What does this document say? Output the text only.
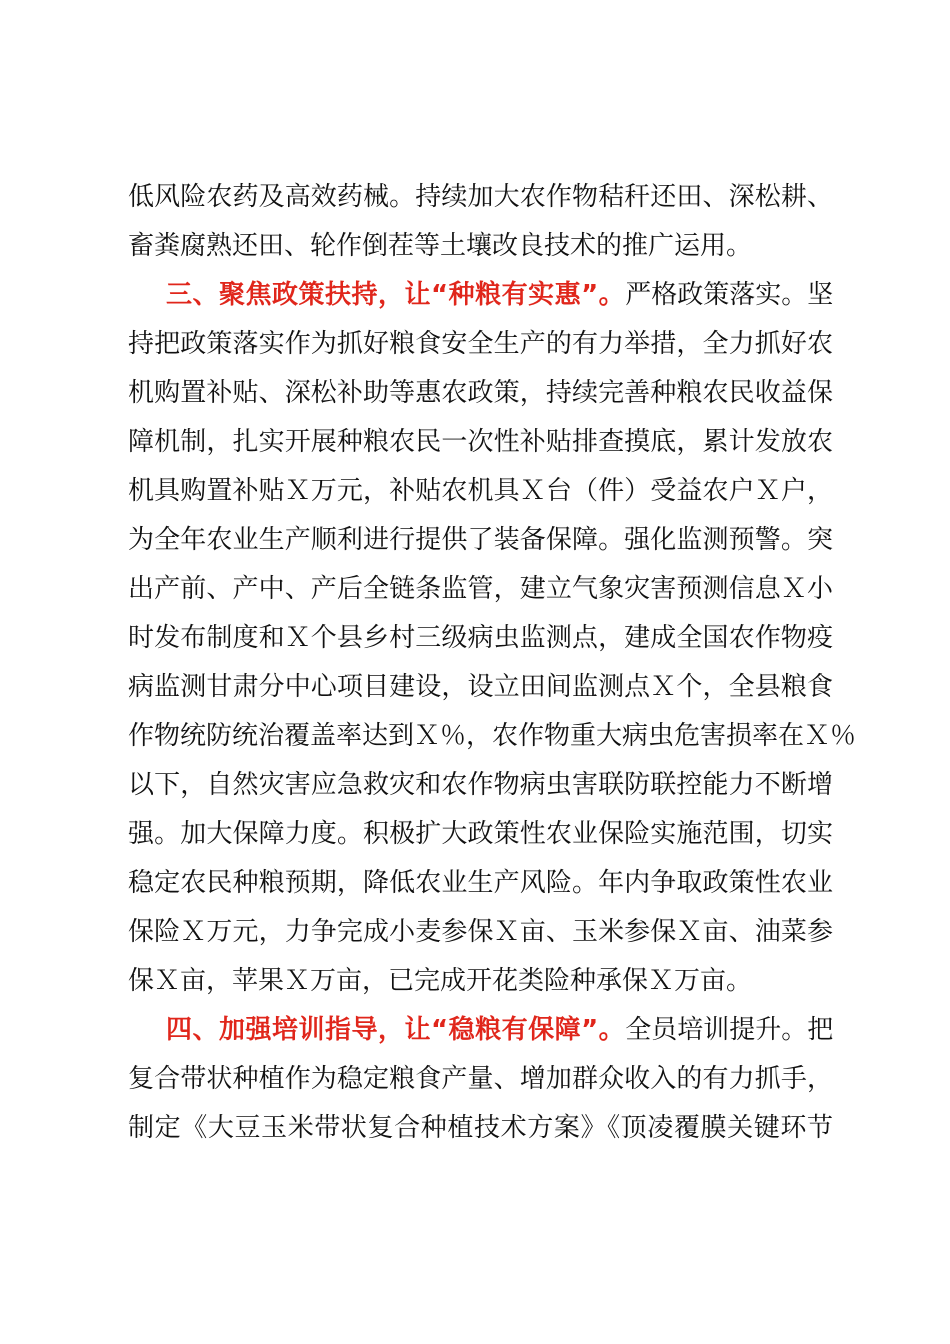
低风险农药及高效药械。持续加大农作物秸秆还田、深松耕、
畜粪腐熟还田、轮作倒茬等土壤改良技术的推广运用。
三、聚焦政策扶持，让“种粮有实惠”。严格政策落实。坚
持把政策落实作为抓好粮食安全生产的有力举措，全力抓好农
机购置补贴、深松补助等惠农政策，持续完善种粮农民收益保
障机制，扎实开展种粮农民一次性补贴排查摸底，累计发放农
机具购置补贴Ｘ万元，补贴农机具Ｘ台（件）受益农户Ｘ户，
为全年农业生产顺利进行提供了装备保障。强化监测预警。突
出产前、产中、产后全链条监管，建立气象灾害预测信息Ｘ小
时发布制度和Ｘ个县乡村三级病虫监测点，建成全国农作物疫
病监测甘肃分中心项目建设，设立田间监测点Ｘ个，全县粮食
作物统防统治覆盖率达到Ｘ％，农作物重大病虫危害损率在Ｘ％
以下，自然灾害应急救灾和农作物病虫害联防联控能力不断增
强。加大保障力度。积极扩大政策性农业保险实施范围，切实
稳定农民种粮预期，降低农业生产风险。年内争取政策性农业
保险Ｘ万元，力争完成小麦参保Ｘ亩、玉米参保Ｘ亩、油菜参
保Ｘ亩，苹果Ｘ万亩，已完成开花类险种承保Ｘ万亩。
四、加强培训指导，让“稳粮有保障”。全员培训提升。把
复合带状种植作为稳定粮食产量、增加群众收入的有力抓手，
制定《大豆玉米带状复合种植技术方案》《顶凌覆膜关键环节
